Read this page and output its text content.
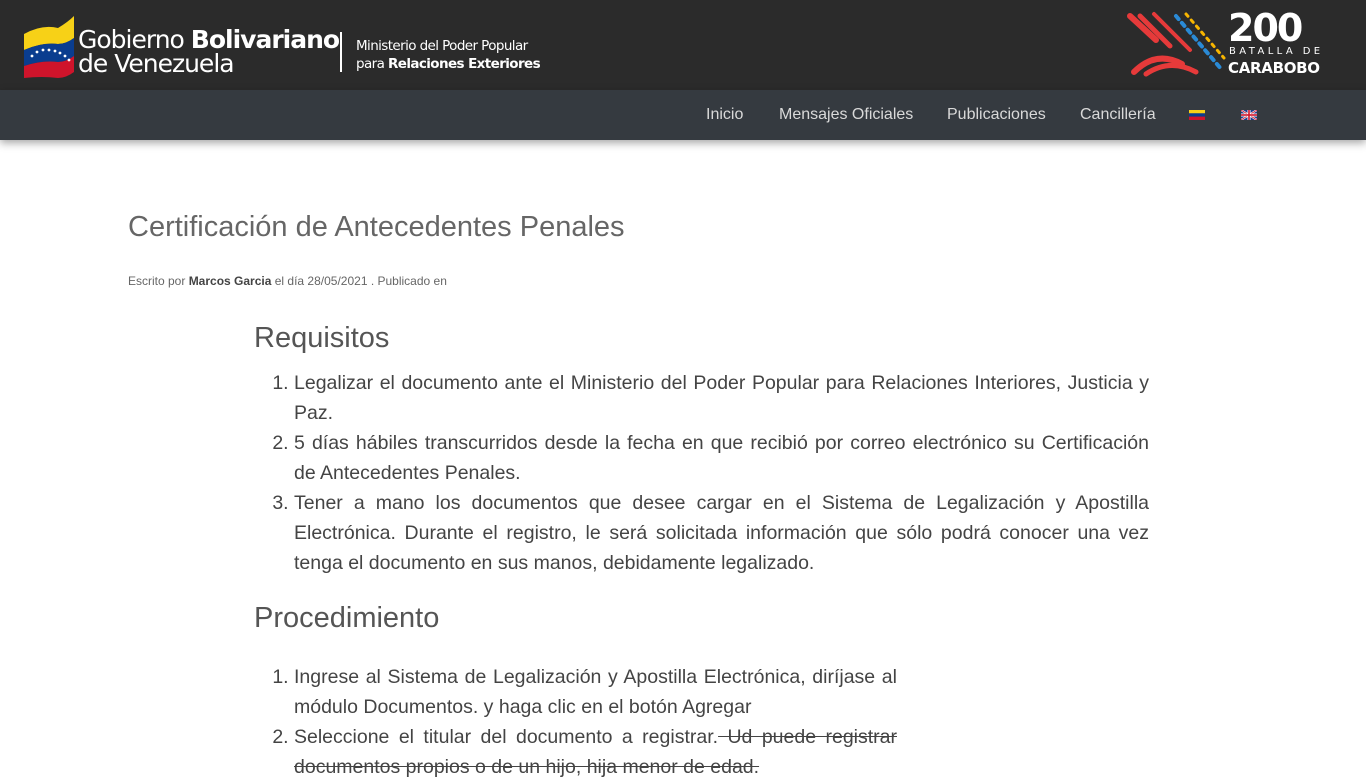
Gobierno Bolivariano
de Venezuela
Ministerio del Poder Popular
para Relaciones Exteriores
200
BATALLA DE
CARABOBO
Inicio Mensajes Oficiales Publicaciones Cancillería
Certificación de Antecedentes Penales
Escrito por Marcos Garcia el día 28/05/2021 . Publicado en
Requisitos
1. Legalizar el documento ante el Ministerio del Poder Popular para Relaciones Interiores, Justicia y Paz.
2. 5 días hábiles transcurridos desde la fecha en que recibió por correo electrónico su Certificación de Antecedentes Penales.
3. Tener a mano los documentos que desee cargar en el Sistema de Legalización y Apostilla Electrónica. Durante el registro, le será solicitada información que sólo podrá conocer una vez tenga el documento en sus manos, debidamente legalizado.
Procedimiento
1. Ingrese al Sistema de Legalización y Apostilla Electrónica, diríjase al módulo Documentos. y haga clic en el botón Agregar
2. Seleccione el titular del documento a registrar. Ud puede registrar documentos propios o de un hijo, hija menor de edad.
